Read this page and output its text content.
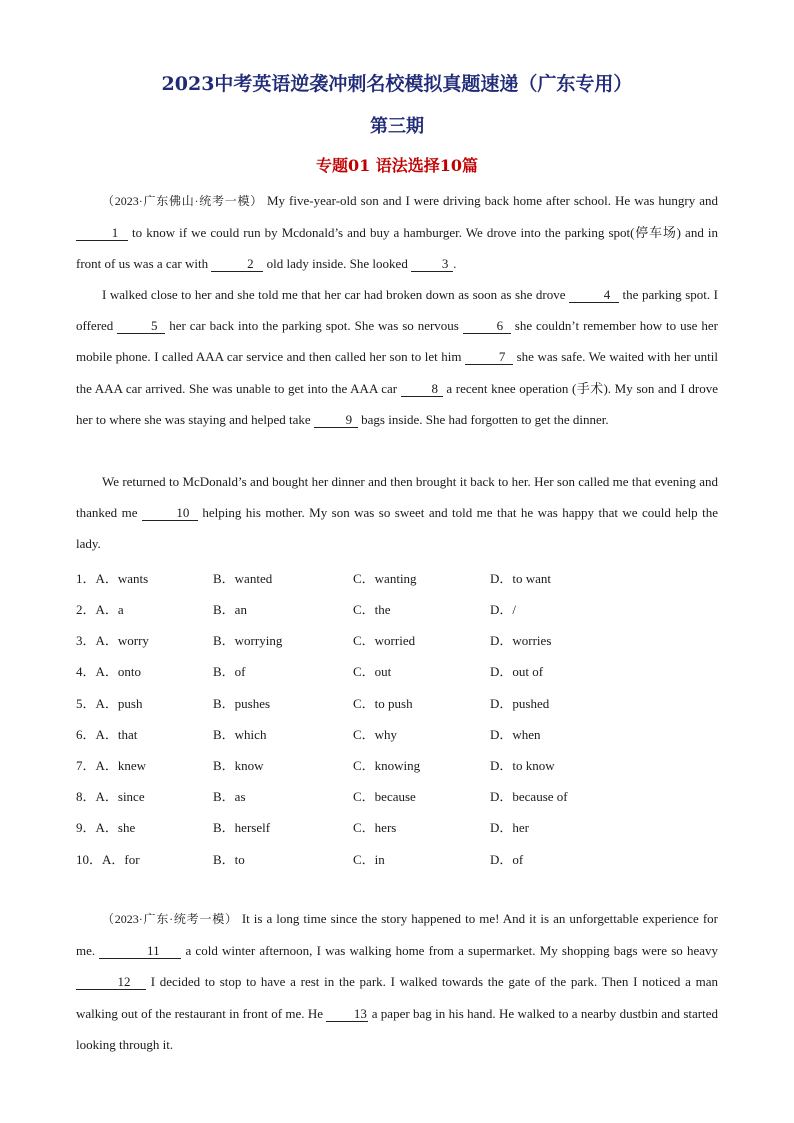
2023中考英语逆袭冲刺名校模拟真题速递（广东专用）
第三期
专题01 语法选择10篇

（2023·广东佛山·统考一模） My five-year-old son and I were driving back home after school. He was hungry and 1 to know if we could run by Mcdonald’s and buy a hamburger. We drove into the parking spot(停车场) and in front of us was a car with	2 old lady inside. She looked 3 .

I walked close to her and she told me that her car had broken down as soon as she drove	4 the parking spot. I offered	5 her car back into the parking spot. She was so nervous	6 she couldn’t remember how to use her mobile phone. I called AAA car service and then called her son to let him	7 she was safe. We waited with her until the AAA car arrived. She was unable to get into the AAA car 8 a recent knee operation (手术). My son and I drove her to where she was staying and helped take 9 bags inside. She had forgotten to get the dinner.

We returned to McDonald’s and bought her dinner and then brought it back to her. Her son called me that evening and thanked me	10 helping his mother. My son was so sweet and told me that he was happy that we could help the lady.

1．A．wants	B．wanted	C．wanting	D．to want
2．A．a	B．an	C．the	D．/
3．A．worry	B．worrying	C．worried	D．worries
4．A．onto	B．of	C．out	D．out of
5．A．push	B．pushes	C．to push	D．pushed
6．A．that	B．which	C．why	D．when
7．A．knew	B．know	C．knowing	D．to know
8．A．since	B．as	C．because	D．because of
9．A．she	B．herself	C．hers	D．her
10．A．for	B．to	C．in	D．of

（2023·广东·统考一模） It is a long time since the story happened to me! And it is an unforgettable experience for me.	11 a cold winter afternoon, I was walking home from a supermarket. My shopping bags were so heavy 12 I decided to stop to have a rest in the park. I walked towards the gate of the park. Then I noticed a man walking out of the restaurant in front of me. He 13 a paper bag in his hand. He walked to a nearby dustbin and started looking through it.
